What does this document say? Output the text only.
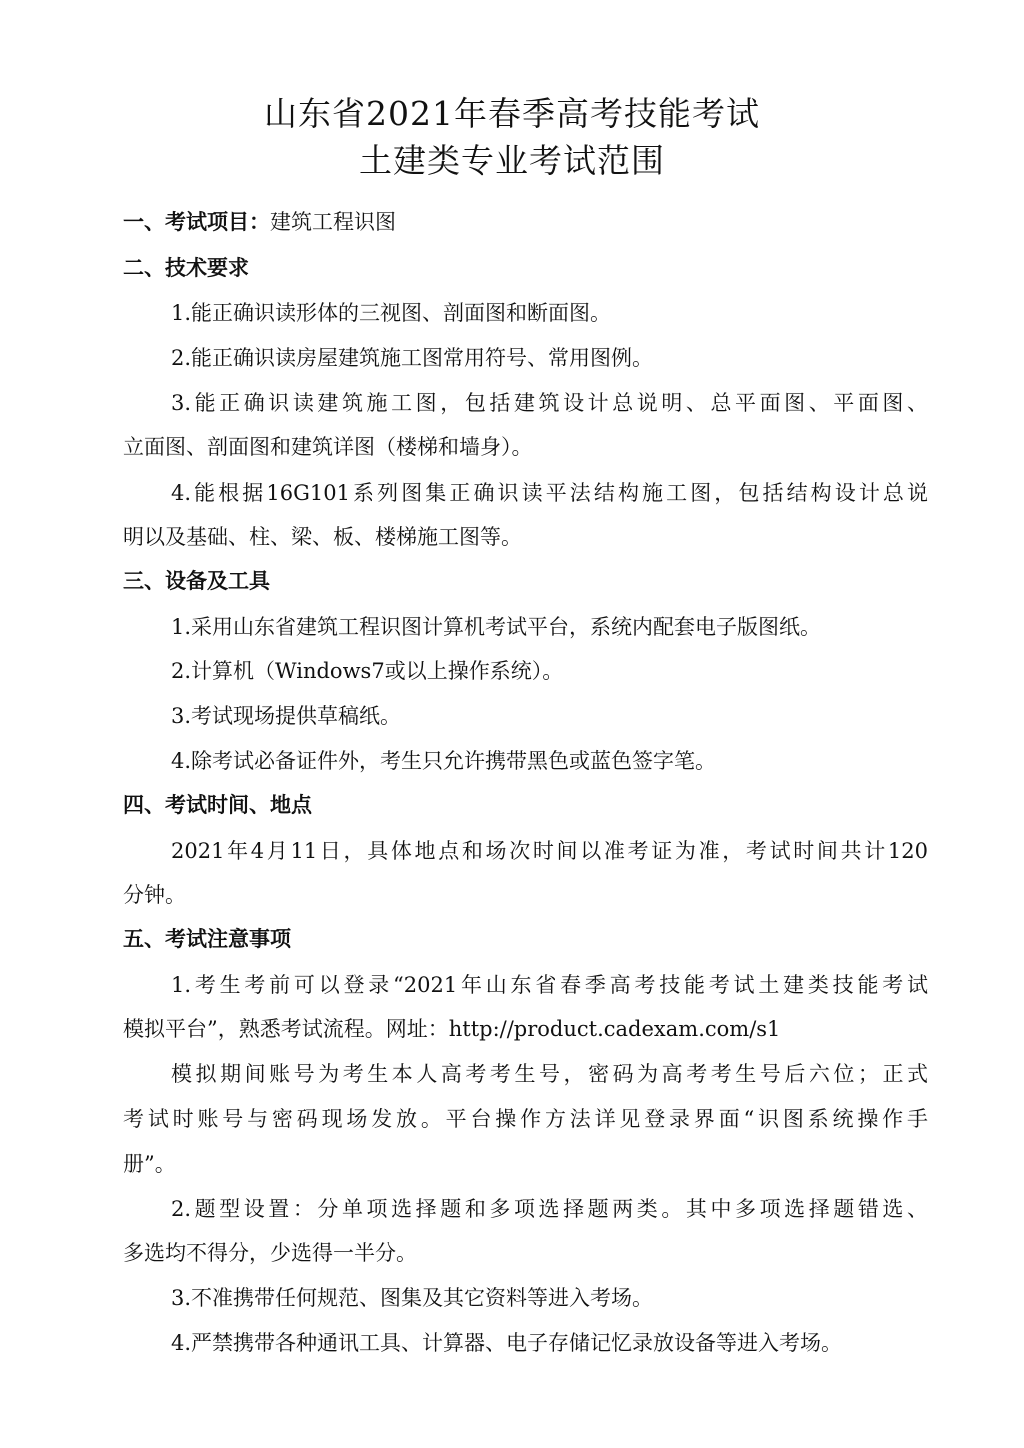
山东省2021年春季高考技能考试
土建类专业考试范围
一、考试项目：建筑工程识图
二、技术要求
1.能正确识读形体的三视图、剖面图和断面图。
2.能正确识读房屋建筑施工图常用符号、常用图例。
3.能正确识读建筑施工图，包括建筑设计总说明、总平面图、平面图、
立面图、剖面图和建筑详图（楼梯和墙身）。
4.能根据16G101系列图集正确识读平法结构施工图，包括结构设计总说
明以及基础、柱、梁、板、楼梯施工图等。
三、设备及工具
1.采用山东省建筑工程识图计算机考试平台，系统内配套电子版图纸。
2.计算机（Windows7或以上操作系统）。
3.考试现场提供草稿纸。
4.除考试必备证件外，考生只允许携带黑色或蓝色签字笔。
四、考试时间、地点
2021年4月11日，具体地点和场次时间以准考证为准，考试时间共计120
分钟。
五、考试注意事项
1.考生考前可以登录“2021年山东省春季高考技能考试土建类技能考试
模拟平台”，熟悉考试流程。网址：http://product.cadexam.com/s1
模拟期间账号为考生本人高考考生号，密码为高考考生号后六位；正式
考试时账号与密码现场发放。平台操作方法详见登录界面“识图系统操作手
册”。
2.题型设置：分单项选择题和多项选择题两类。其中多项选择题错选、
多选均不得分，少选得一半分。
3.不准携带任何规范、图集及其它资料等进入考场。
4.严禁携带各种通讯工具、计算器、电子存储记忆录放设备等进入考场。
